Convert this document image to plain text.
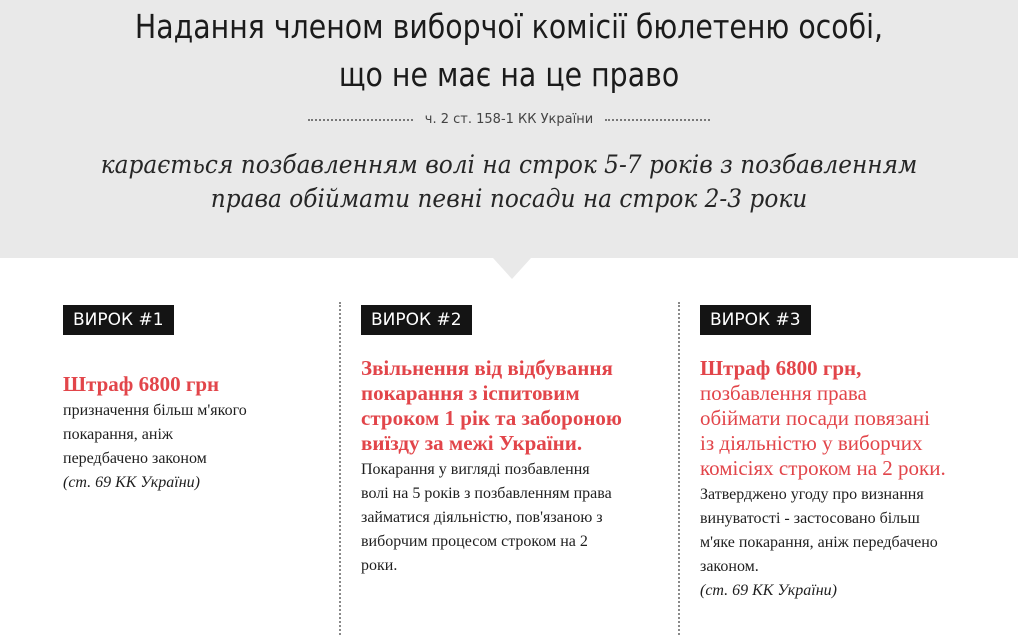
Надання членом виборчої комісії бюлетеню особі,
що не має на це право
ч. 2 ст. 158-1 КК України
карається позбавленням волі на строк 5-7 років з позбавленням
права обіймати певні посади на строк 2-3 роки
ВИРОК #1
Штраф 6800 грн
призначення більш м'якого
покарання, аніж
передбачено законом
(ст. 69 КК України)
ВИРОК #2
Звільнення від відбування
покарання з іспитовим
строком 1 рік та забороною
виїзду за межі України.
Покарання у вигляді позбавлення
волі на 5 років з позбавленням права
займатися діяльністю, пов'язаною з
виборчим процесом строком на 2
роки.
ВИРОК #3
Штраф 6800 грн,
позбавлення права
обіймати посади повязані
із діяльністю у виборчих
комісіях строком на 2 роки.
Затверджено угоду про визнання
винуватості - застосовано більш
м'яке покарання, аніж передбачено
законом.
(ст. 69 КК України)
